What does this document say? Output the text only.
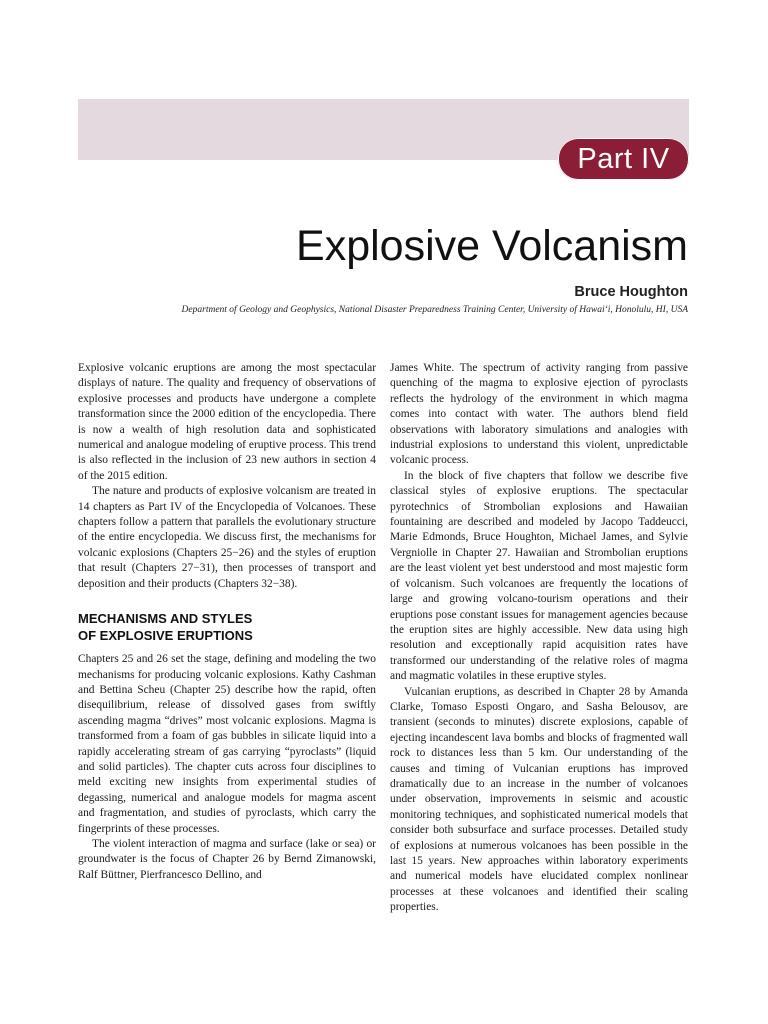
Part IV
Explosive Volcanism
Bruce Houghton
Department of Geology and Geophysics, National Disaster Preparedness Training Center, University of Hawai‘i, Honolulu, HI, USA

Explosive volcanic eruptions are among the most spectacular displays of nature. The quality and frequency of observations of explosive processes and products have undergone a complete transformation since the 2000 edition of the encyclopedia. There is now a wealth of high resolution data and sophisticated numerical and analogue modeling of eruptive process. This trend is also reflected in the inclusion of 23 new authors in section 4 of the 2015 edition.

The nature and products of explosive volcanism are treated in 14 chapters as Part IV of the Encyclopedia of Volcanoes. These chapters follow a pattern that parallels the evolutionary structure of the entire encyclopedia. We discuss first, the mechanisms for volcanic explosions (Chapters 25−26) and the styles of eruption that result (Chapters 27−31), then processes of transport and deposition and their products (Chapters 32−38).

MECHANISMS AND STYLES
OF EXPLOSIVE ERUPTIONS

Chapters 25 and 26 set the stage, defining and modeling the two mechanisms for producing volcanic explosions. Kathy Cashman and Bettina Scheu (Chapter 25) describe how the rapid, often disequilibrium, release of dissolved gases from swiftly ascending magma “drives” most volcanic explosions. Magma is transformed from a foam of gas bubbles in silicate liquid into a rapidly accelerating stream of gas carrying “pyroclasts” (liquid and solid particles). The chapter cuts across four disciplines to meld exciting new insights from experimental studies of degassing, numerical and analogue models for magma ascent and fragmentation, and studies of pyroclasts, which carry the fingerprints of these processes.

The violent interaction of magma and surface (lake or sea) or groundwater is the focus of Chapter 26 by Bernd Zimanowski, Ralf Büttner, Pierfrancesco Dellino, and

James White. The spectrum of activity ranging from passive quenching of the magma to explosive ejection of pyroclasts reflects the hydrology of the environment in which magma comes into contact with water. The authors blend field observations with laboratory simulations and analogies with industrial explosions to understand this violent, unpredictable volcanic process.

In the block of five chapters that follow we describe five classical styles of explosive eruptions. The spectacular pyrotechnics of Strombolian explosions and Hawaiian fountaining are described and modeled by Jacopo Taddeucci, Marie Edmonds, Bruce Houghton, Michael James, and Sylvie Vergniolle in Chapter 27. Hawaiian and Strombolian eruptions are the least violent yet best understood and most majestic form of volcanism. Such volcanoes are frequently the locations of large and growing volcano-tourism operations and their eruptions pose constant issues for management agencies because the eruption sites are highly accessible. New data using high resolution and exceptionally rapid acquisition rates have transformed our understanding of the relative roles of magma and magmatic volatiles in these eruptive styles.

Vulcanian eruptions, as described in Chapter 28 by Amanda Clarke, Tomaso Esposti Ongaro, and Sasha Belousov, are transient (seconds to minutes) discrete explosions, capable of ejecting incandescent lava bombs and blocks of fragmented wall rock to distances less than 5 km. Our understanding of the causes and timing of Vulcanian eruptions has improved dramatically due to an increase in the number of volcanoes under observation, improvements in seismic and acoustic monitoring techniques, and sophisticated numerical models that consider both subsurface and surface processes. Detailed study of explosions at numerous volcanoes has been possible in the last 15 years. New approaches within laboratory experiments and numerical models have elucidated complex nonlinear processes at these volcanoes and identified their scaling properties.
